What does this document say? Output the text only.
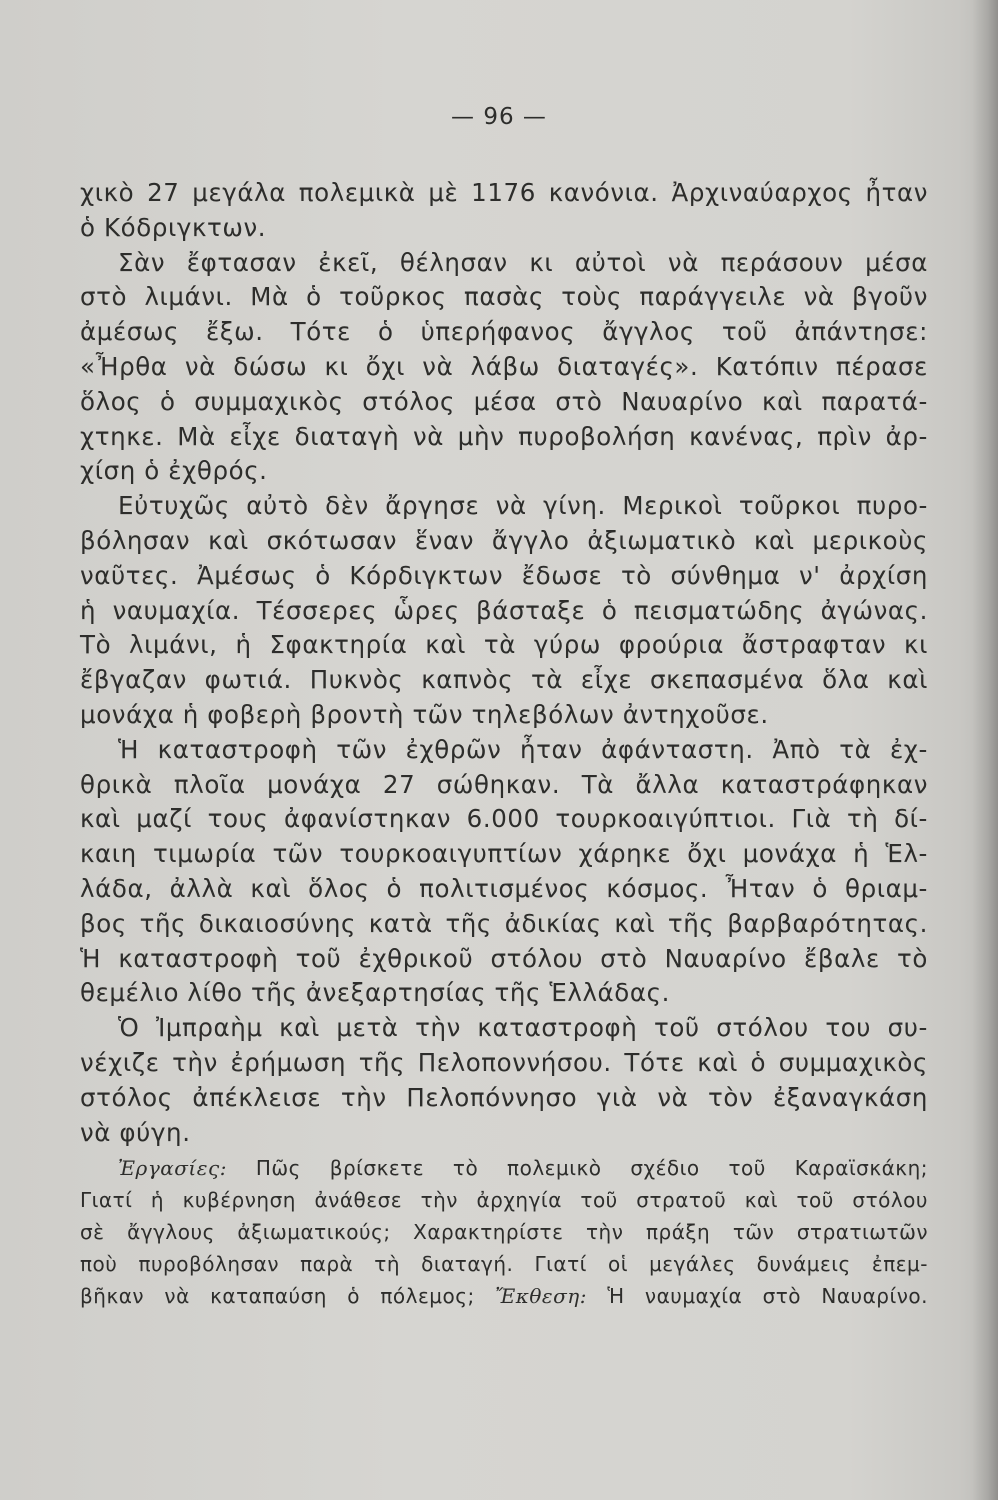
— 96 —
χικὸ 27 μεγάλα πολεμικὰ μὲ 1176 κανόνια. Ἀρχιναύαρχος ἦταν
ὁ Κόδριγκτων.
Σὰν ἔφτασαν ἐκεῖ, θέλησαν κι αὐτοὶ νὰ περάσουν μέσα
στὸ λιμάνι. Μὰ ὁ τοῦρκος πασὰς τοὺς παράγγειλε νὰ βγοῦν
ἀμέσως ἔξω. Τότε ὁ ὑπερήφανος ἄγγλος τοῦ ἀπάντησε:
«Ἦρθα νὰ δώσω κι ὄχι νὰ λάβω διαταγές». Κατόπιν πέρασε
ὅλος ὁ συμμαχικὸς στόλος μέσα στὸ Ναυαρίνο καὶ παρατά-
χτηκε. Μὰ εἶχε διαταγὴ νὰ μὴν πυροβολήση κανένας, πρὶν ἀρ-
χίση ὁ ἐχθρός.
Εὐτυχῶς αὐτὸ δὲν ἄργησε νὰ γίνη. Μερικοὶ τοῦρκοι πυρο-
βόλησαν καὶ σκότωσαν ἕναν ἄγγλο ἀξιωματικὸ καὶ μερικοὺς
ναῦτες. Ἀμέσως ὁ Κόρδιγκτων ἔδωσε τὸ σύνθημα ν' ἀρχίση
ἡ ναυμαχία. Τέσσερες ὧρες βάσταξε ὁ πεισματώδης ἀγώνας.
Τὸ λιμάνι, ἡ Σφακτηρία καὶ τὰ γύρω φρούρια ἄστραφταν κι
ἔβγαζαν φωτιά. Πυκνὸς καπνὸς τὰ εἶχε σκεπασμένα ὅλα καὶ
μονάχα ἡ φοβερὴ βροντὴ τῶν τηλεβόλων ἀντηχοῦσε.
Ἡ καταστροφὴ τῶν ἐχθρῶν ἦταν ἀφάνταστη. Ἀπὸ τὰ ἐχ-
θρικὰ πλοῖα μονάχα 27 σώθηκαν. Τὰ ἄλλα καταστράφηκαν
καὶ μαζί τους ἀφανίστηκαν 6.000 τουρκοαιγύπτιοι. Γιὰ τὴ δί-
καιη τιμωρία τῶν τουρκοαιγυπτίων χάρηκε ὄχι μονάχα ἡ Ἑλ-
λάδα, ἀλλὰ καὶ ὅλος ὁ πολιτισμένος κόσμος. Ἦταν ὁ θριαμ-
βος τῆς δικαιοσύνης κατὰ τῆς ἀδικίας καὶ τῆς βαρβαρότητας.
Ἡ καταστροφὴ τοῦ ἐχθρικοῦ στόλου στὸ Ναυαρίνο ἔβαλε τὸ
θεμέλιο λίθο τῆς ἀνεξαρτησίας τῆς Ἑλλάδας.
Ὁ Ἰμπραὴμ καὶ μετὰ τὴν καταστροφὴ τοῦ στόλου του συ-
νέχιζε τὴν ἐρήμωση τῆς Πελοποννήσου. Τότε καὶ ὁ συμμαχικὸς
στόλος ἀπέκλεισε τὴν Πελοπόννησο γιὰ νὰ τὸν ἐξαναγκάση
νὰ φύγη.
Ἐργασίες: Πῶς βρίσκετε τὸ πολεμικὸ σχέδιο τοῦ Καραϊσκάκη;
Γιατί ἡ κυβέρνηση ἀνάθεσε τὴν ἀρχηγία τοῦ στρατοῦ καὶ τοῦ στόλου
σὲ ἄγγλους ἀξιωματικούς; Χαρακτηρίστε τὴν πράξη τῶν στρατιωτῶν
ποὺ πυροβόλησαν παρὰ τὴ διαταγή. Γιατί οἱ μεγάλες δυνάμεις ἐπεμ-
βῆκαν νὰ καταπαύση ὁ πόλεμος; Ἔκθεση: Ἡ ναυμαχία στὸ Ναυαρίνο.
